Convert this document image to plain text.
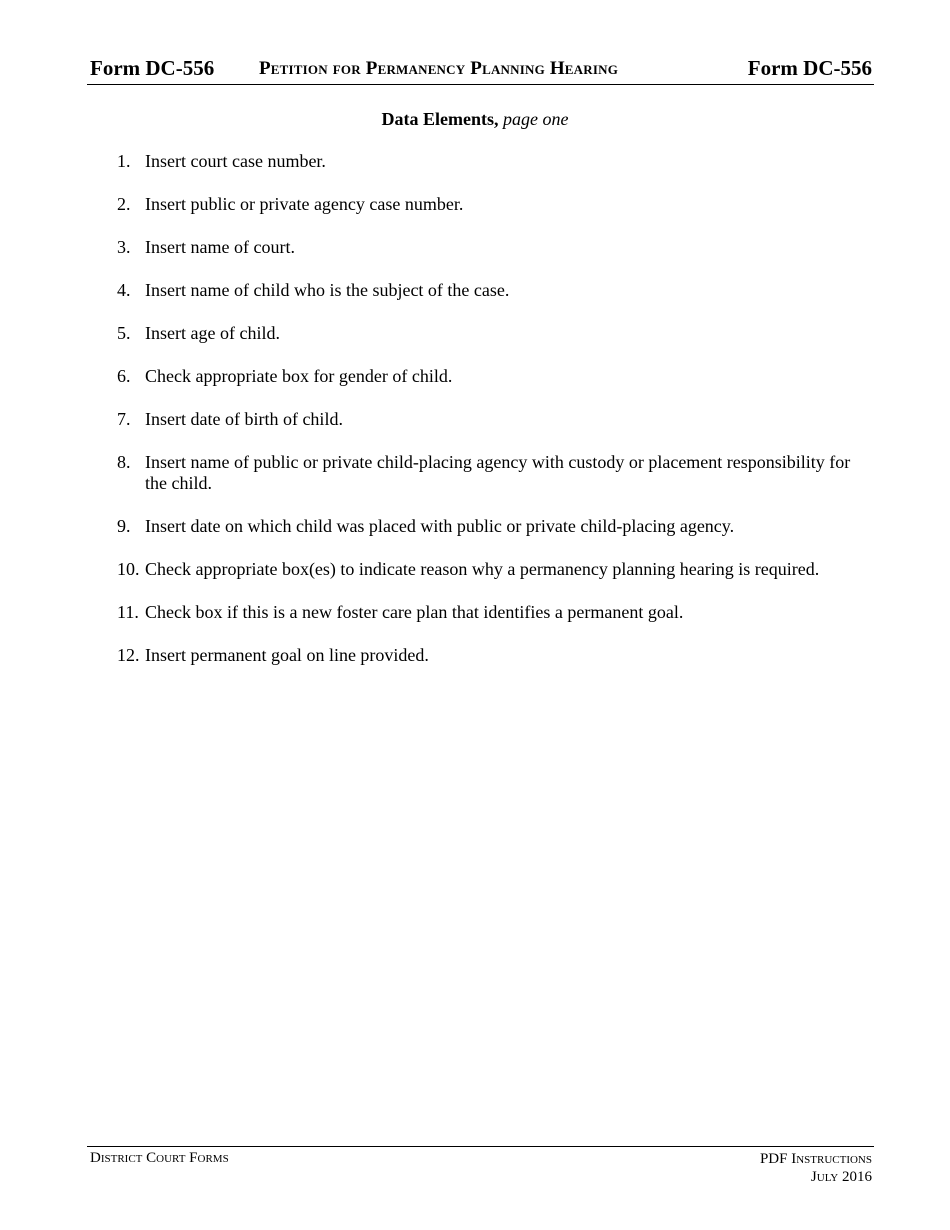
Form DC-556 Petition for Permanency Planning Hearing	Form DC-556
Data Elements, page one
1. Insert court case number.
2. Insert public or private agency case number.
3. Insert name of court.
4. Insert name of child who is the subject of the case.
5. Insert age of child.
6. Check appropriate box for gender of child.
7. Insert date of birth of child.
8. Insert name of public or private child-placing agency with custody or placement responsibility for the child.
9. Insert date on which child was placed with public or private child-placing agency.
10. Check appropriate box(es) to indicate reason why a permanency planning hearing is required.
11. Check box if this is a new foster care plan that identifies a permanent goal.
12. Insert permanent goal on line provided.
District Court Forms	PDF Instructions
July 2016
